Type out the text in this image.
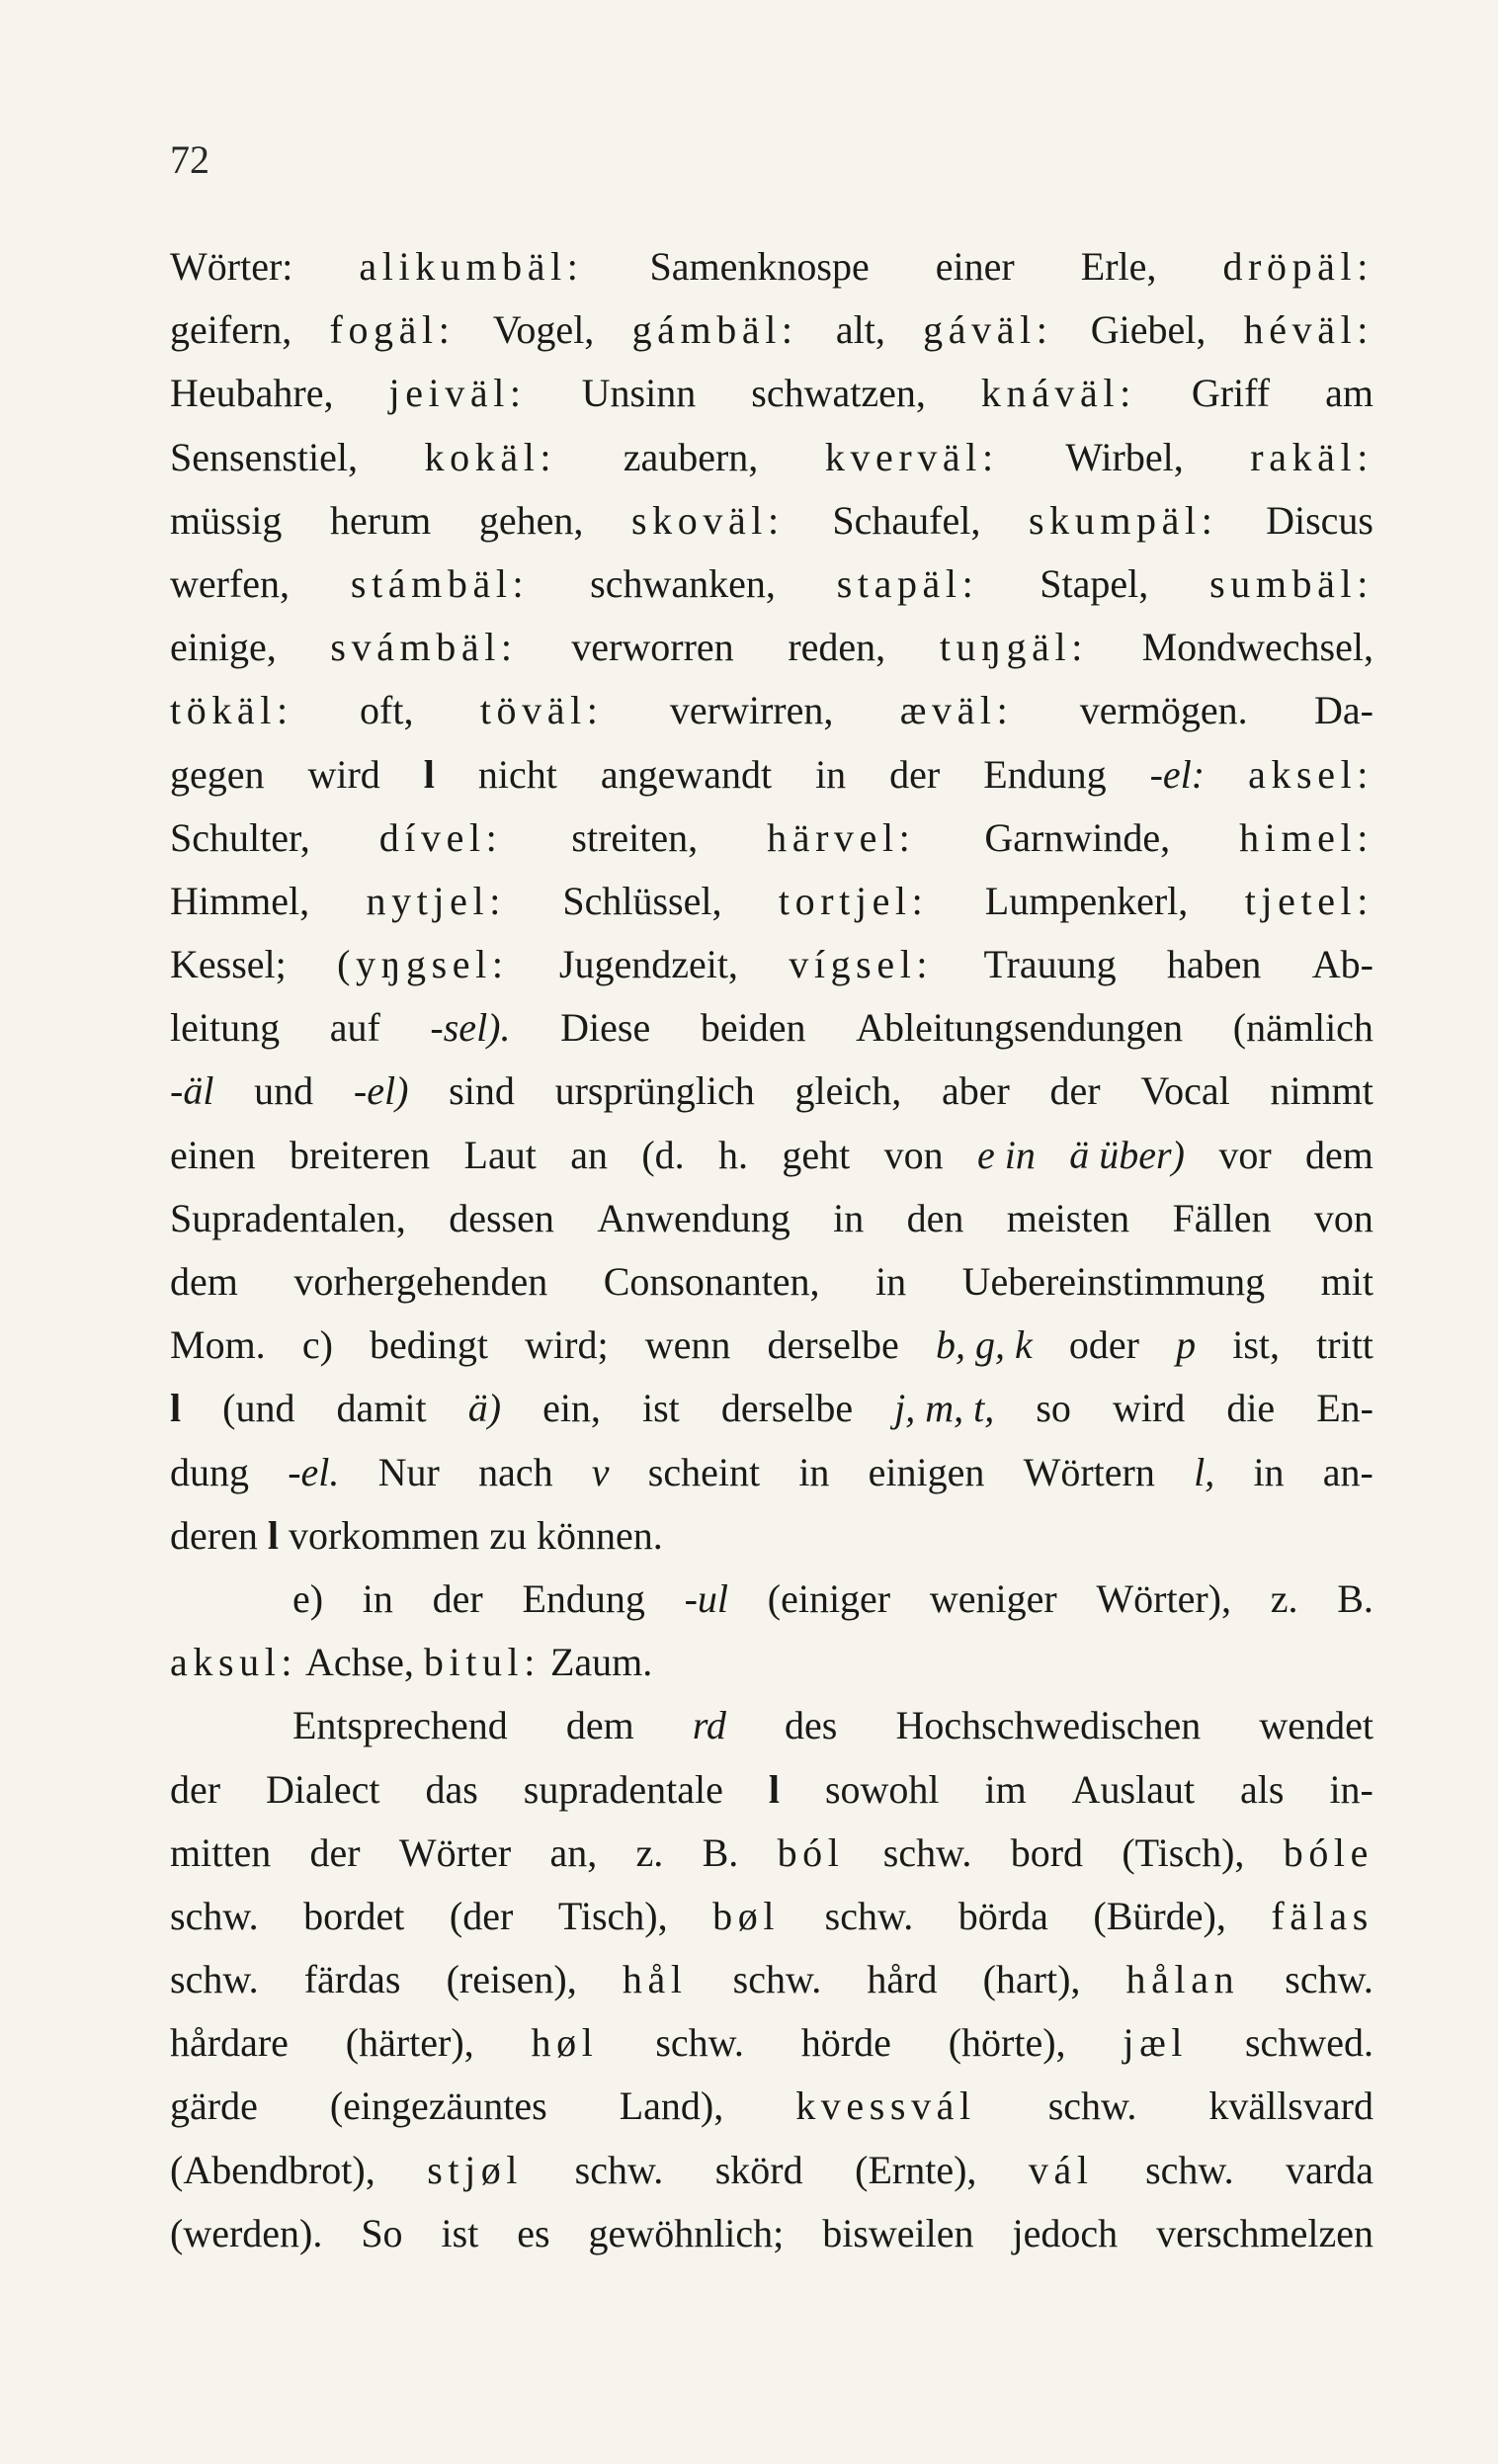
72
Wörter: alikumbäl: Samenknospe einer Erle, dröpäl:
geifern, fogäl: Vogel, gámbäl: alt, gáväl: Giebel, héväl:
Heubahre, jeiväl: Unsinn schwatzen, knáväl: Griff am
Sensenstiel, kokäl: zaubern, kverväl: Wirbel, rakäl:
müssig herum gehen, skoväl: Schaufel, skumpäl: Discus
werfen, stámbäl: schwanken, stapäl: Stapel, sumbäl:
einige, svámbäl: verworren reden, tuŋgäl: Mondwechsel,
tökäl: oft, töväl: verwirren, æväl: vermögen. Da-
gegen wird l nicht angewandt in der Endung -el: aksel:
Schulter, dível: streiten, härvel: Garnwinde, himel:
Himmel, nytjel: Schlüssel, tortjel: Lumpenkerl, tjetel:
Kessel; (yŋgsel: Jugendzeit, vígsel: Trauung haben Ab-
leitung auf -sel). Diese beiden Ableitungsendungen (nämlich
-äl und -el) sind ursprünglich gleich, aber der Vocal nimmt
einen breiteren Laut an (d. h. geht von e in ä über) vor dem
Supradentalen, dessen Anwendung in den meisten Fällen von
dem vorhergehenden Consonanten, in Uebereinstimmung mit
Mom. c) bedingt wird; wenn derselbe b, g, k oder p ist, tritt
l (und damit ä) ein, ist derselbe j, m, t, so wird die En-
dung -el. Nur nach v scheint in einigen Wörtern l, in an-
deren l vorkommen zu können.
e) in der Endung -ul (einiger weniger Wörter), z. B.
aksul: Achse, bitul: Zaum.
Entsprechend dem rd des Hochschwedischen wendet
der Dialect das supradentale l sowohl im Auslaut als in-
mitten der Wörter an, z. B. ból schw. bord (Tisch), bóle
schw. bordet (der Tisch), bøl schw. börda (Bürde), fälas
schw. färdas (reisen), hål schw. hård (hart), hålan schw.
hårdare (härter), høl schw. hörde (hörte), jæl schwed.
gärde (eingezäuntes Land), kvessvál schw. kvällsvard
(Abendbrot), stjøl schw. skörd (Ernte), vál schw. varda
(werden). So ist es gewöhnlich; bisweilen jedoch verschmelzen
